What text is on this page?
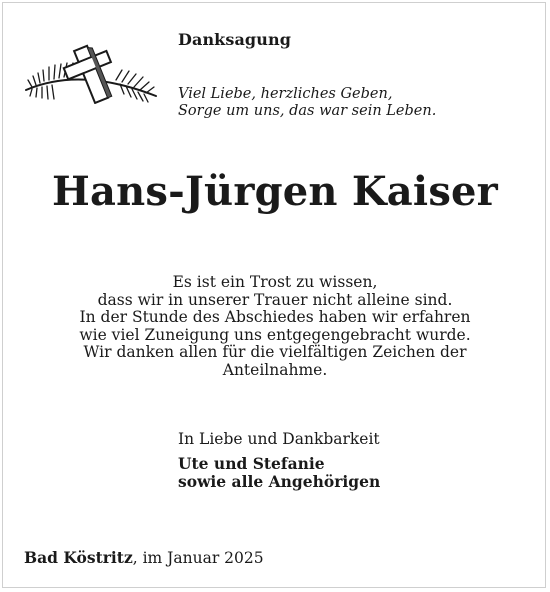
Danksagung
Viel Liebe, herzliches Geben,
Sorge um uns, das war sein Leben.
Hans-Jürgen Kaiser
Es ist ein Trost zu wissen,
dass wir in unserer Trauer nicht alleine sind.
In der Stunde des Abschiedes haben wir erfahren
wie viel Zuneigung uns entgegengebracht wurde.
Wir danken allen für die vielfältigen Zeichen der
Anteilnahme.
In Liebe und Dankbarkeit
Ute und Stefanie
sowie alle Angehörigen
Bad Köstritz, im Januar 2025
